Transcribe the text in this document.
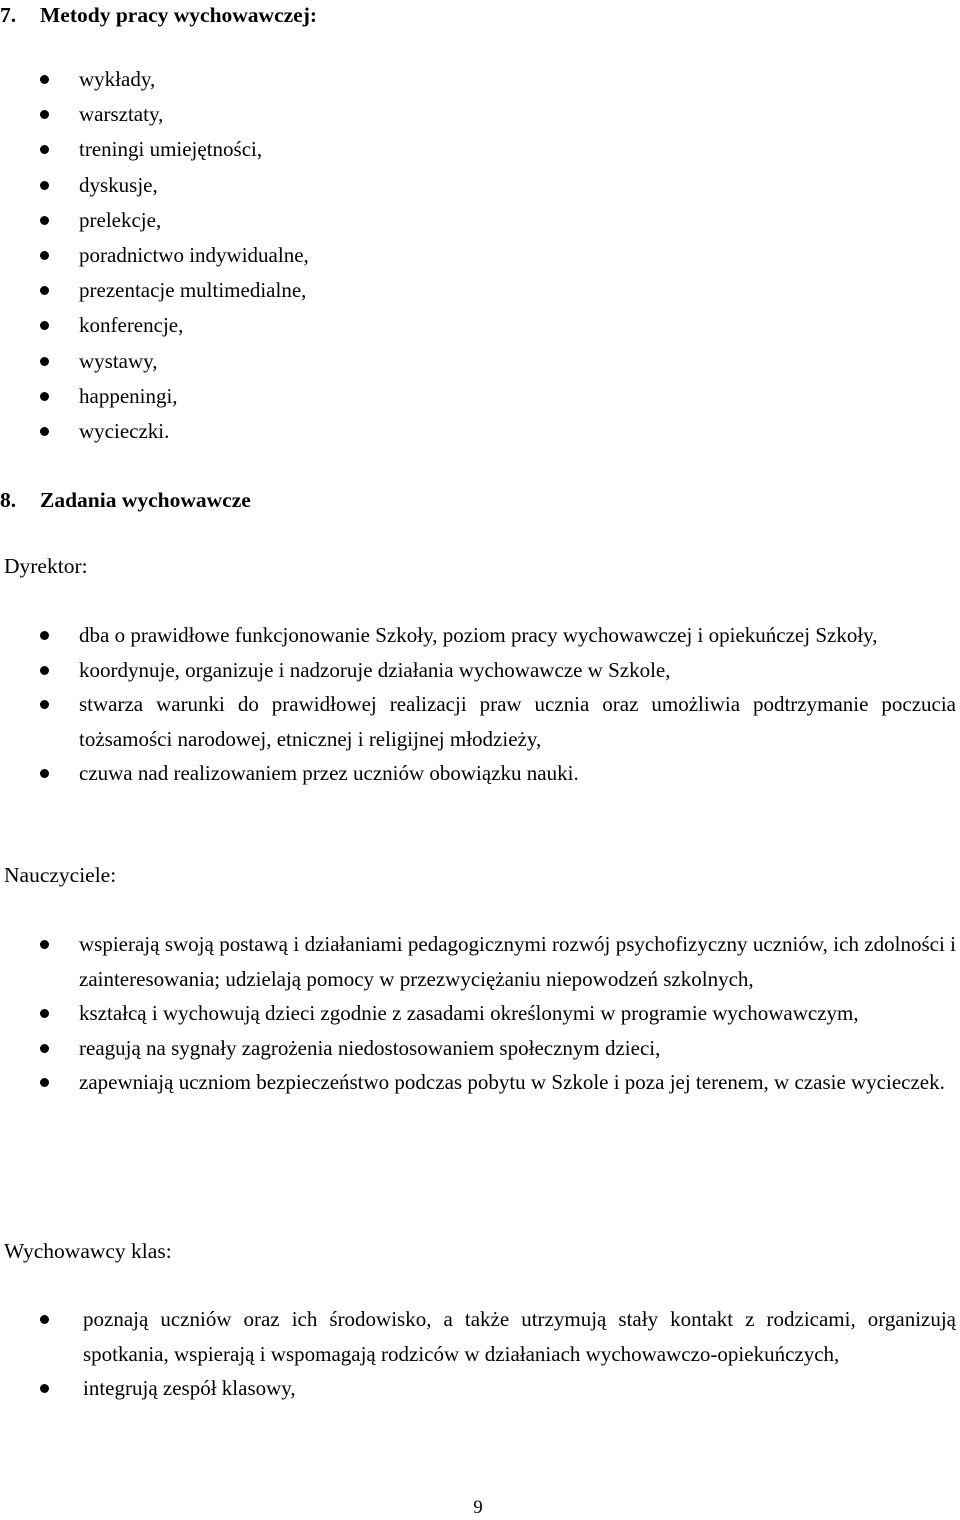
7. Metody pracy wychowawczej:
wykłady,
warsztaty,
treningi umiejętności,
dyskusje,
prelekcje,
poradnictwo indywidualne,
prezentacje multimedialne,
konferencje,
wystawy,
happeningi,
wycieczki.
8. Zadania wychowawcze
Dyrektor:
dba o prawidłowe funkcjonowanie Szkoły, poziom pracy wychowawczej i opiekuńczej Szkoły,
koordynuje, organizuje i nadzoruje działania wychowawcze w Szkole,
stwarza warunki do prawidłowej realizacji praw ucznia oraz umożliwia podtrzymanie poczucia tożsamości narodowej, etnicznej i religijnej młodzieży,
czuwa nad realizowaniem przez uczniów obowiązku nauki.
Nauczyciele:
wspierają swoją postawą i działaniami pedagogicznymi rozwój psychofizyczny uczniów, ich zdolności i zainteresowania; udzielają pomocy w przezwyciężaniu niepowodzeń szkolnych,
kształcą i wychowują dzieci zgodnie z zasadami określonymi w programie wychowawczym,
reagują na sygnały zagrożenia niedostosowaniem społecznym dzieci,
zapewniają uczniom bezpieczeństwo podczas pobytu w Szkole i poza jej terenem, w czasie wycieczek.
Wychowawcy klas:
poznają uczniów oraz ich środowisko, a także utrzymują stały kontakt z rodzicami, organizują spotkania, wspierają i wspomagają rodziców w działaniach wychowawczo-opiekuńczych,
integrują zespół klasowy,
9
